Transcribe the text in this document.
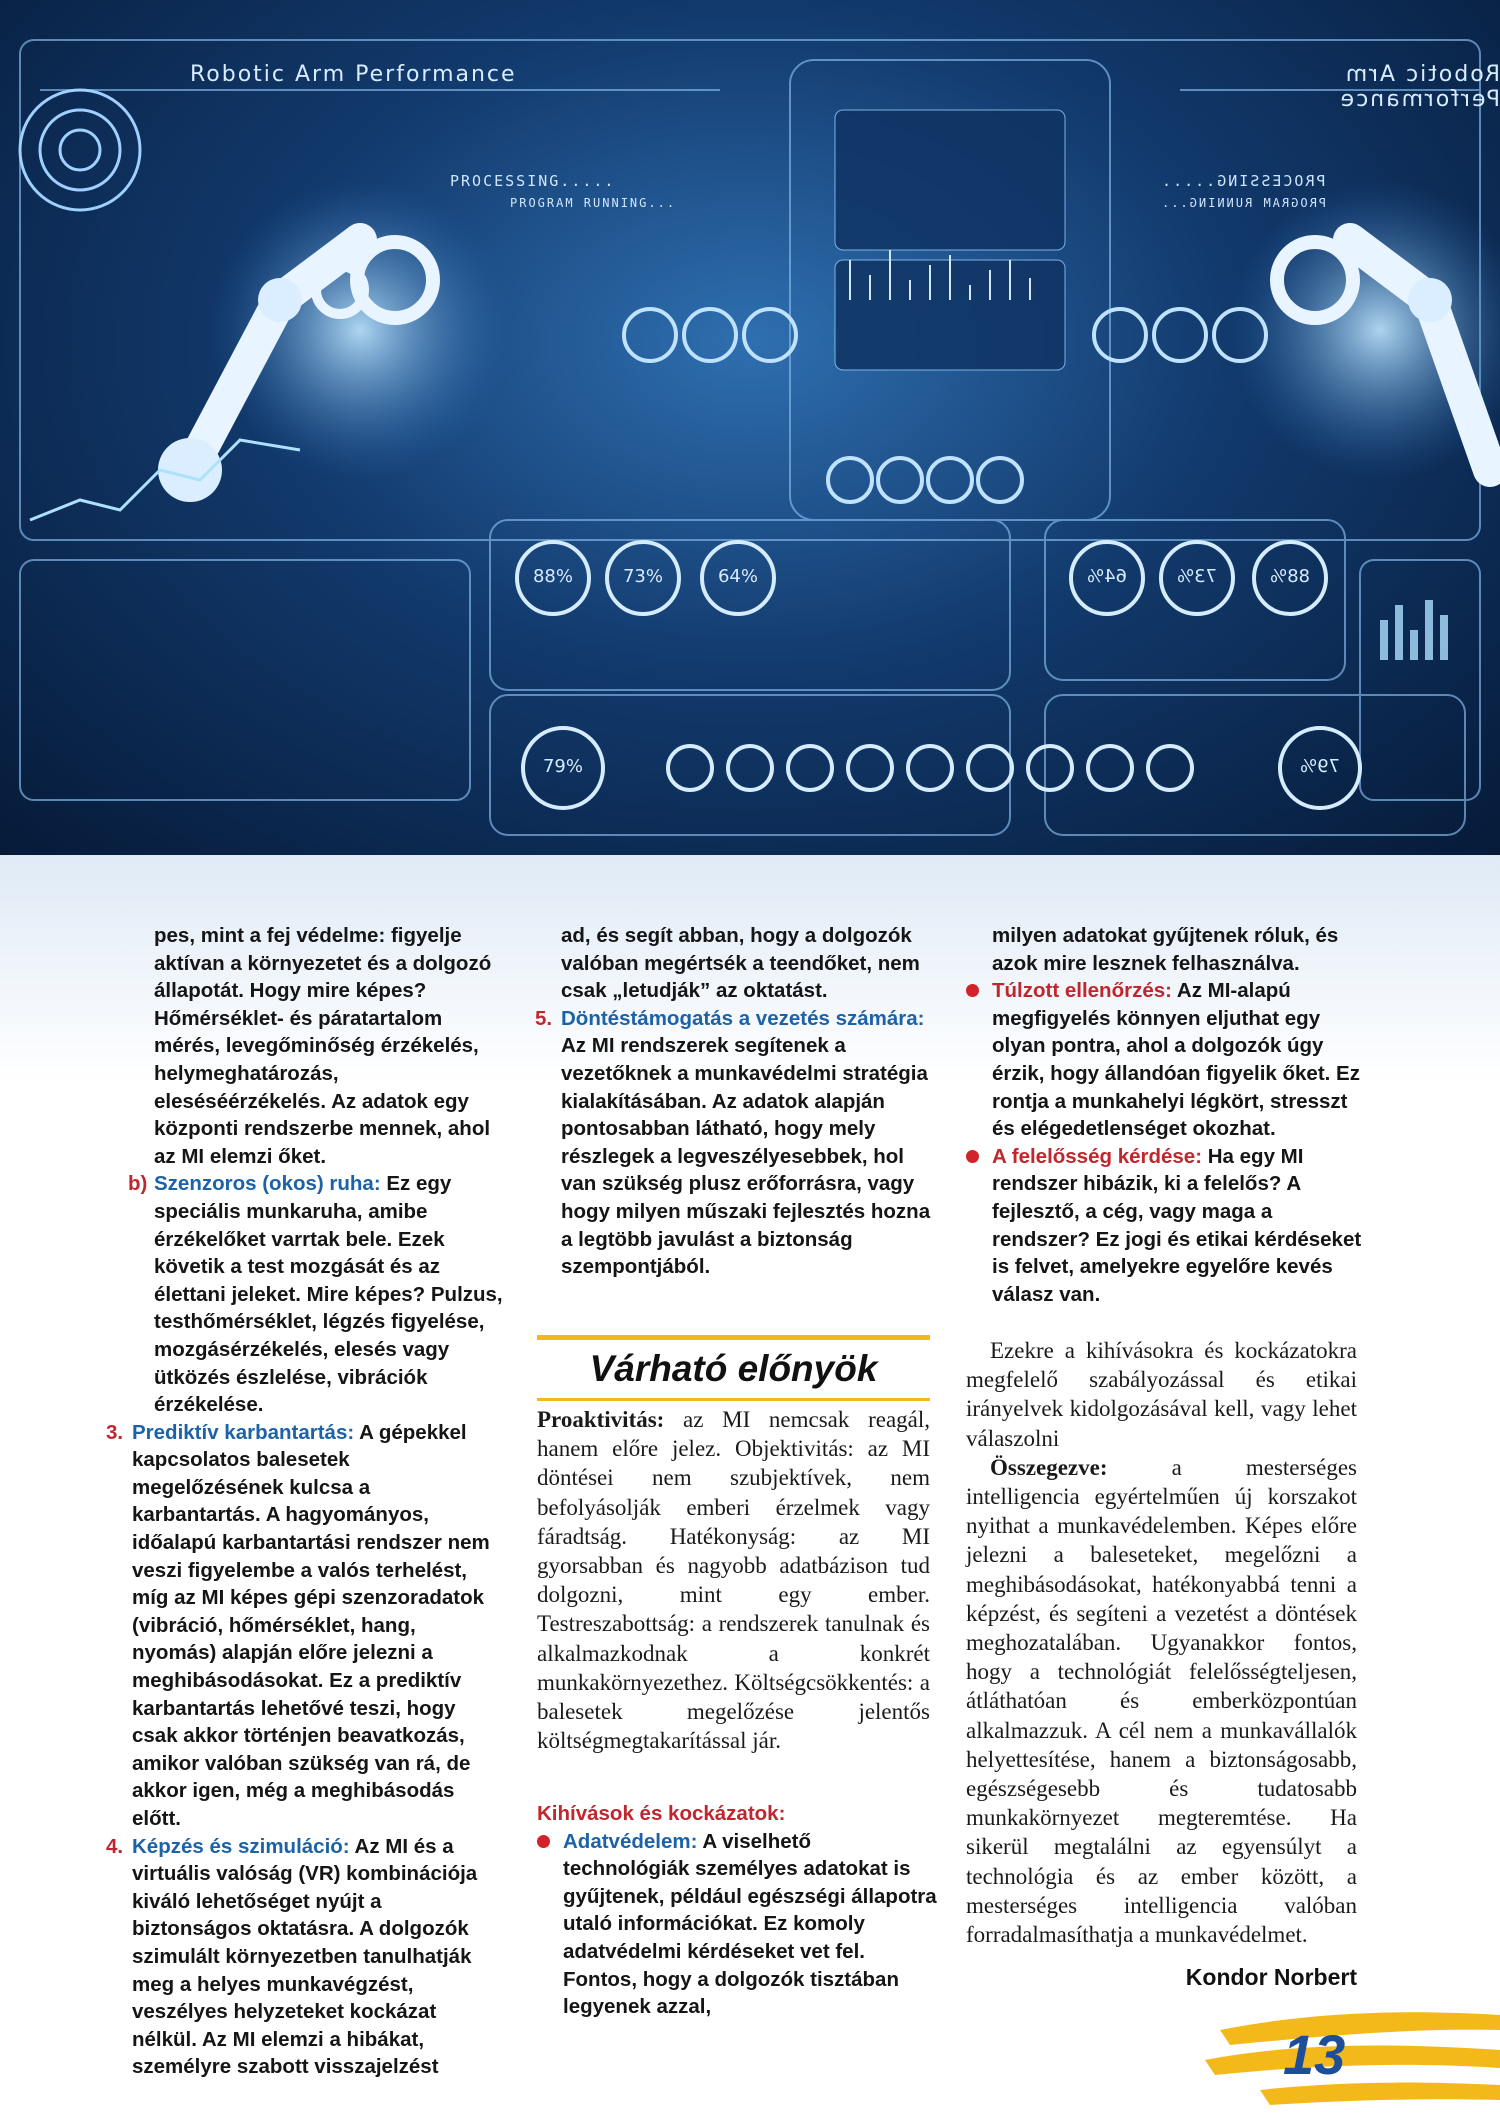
Robotic Arm Performance	Robotic Arm Performance
PROCESSING.....
PROGRAM RUNNING...
PROCESSING.....
PROGRAM RUNNING...
88%	73%	64%	64%	73%	88%
79%	79%

pes, mint a fej védelme: figyelje aktívan a környezetet és a dolgozó állapotát. Hogy mire képes? Hőmérséklet- és páratartalom mérés, levegőminőség érzékelés, helymeghatározás, eleséséérzékelés. Az adatok egy központi rendszerbe mennek, ahol az MI elemzi őket.

b) Szenzoros (okos) ruha: Ez egy speciális munkaruha, amibe érzékelőket varrtak bele. Ezek követik a test mozgását és az élettani jeleket. Mire képes? Pulzus, testhőmérséklet, légzés figyelése, mozgásérzékelés, elesés vagy ütközés észlelése, vibrációk érzékelése.
3. Prediktív karbantartás: A gépekkel kapcsolatos balesetek megelőzésének kulcsa a karbantartás. A hagyományos, időalapú karbantartási rendszer nem veszi figyelembe a valós terhelést, míg az MI képes gépi szenzoradatok (vibráció, hőmérséklet, hang, nyomás) alapján előre jelezni a meghibásodásokat. Ez a prediktív karbantartás lehetővé teszi, hogy csak akkor történjen beavatkozás, amikor valóban szükség van rá, de akkor igen, még a meghibásodás előtt.
4. Képzés és szimuláció: Az MI és a virtuális valóság (VR) kombinációja kiváló lehetőséget nyújt a biztonságos oktatásra. A dolgozók szimulált környezetben tanulhatják meg a helyes munkavégzést, veszélyes helyzeteket kockázat nélkül. Az MI elemzi a hibákat, személyre szabott visszajelzést

ad, és segít abban, hogy a dolgozók valóban megértsék a teendőket, nem csak „letudják” az oktatást.

5. Döntéstámogatás a vezetés számára: Az MI rendszerek segítenek a vezetőknek a munkavédelmi stratégia kialakításában. Az adatok alapján pontosabban látható, hogy mely részlegek a legveszélyesebbek, hol van szükség plusz erőforrásra, vagy hogy milyen műszaki fejlesztés hozna a legtöbb javulást a biztonság szempontjából.
Várható előnyök

Proaktivitás: az MI nemcsak reagál, hanem előre jelez. Objektivitás: az MI döntései nem szubjektívek, nem befolyásolják emberi érzelmek vagy fáradtság. Hatékonyság: az MI gyorsabban és nagyobb adatbázison tud dolgozni, mint egy ember. Testreszabottság: a rendszerek tanulnak és alkalmazkodnak a konkrét munkakörnyezethez. Költségcsökkentés: a balesetek megelőzése jelentős költségmegtakarítással jár.

Kihívások és kockázatok:

Adatvédelem: A viselhető technológiák személyes adatokat is gyűjtenek, például egészségi állapotra utaló információkat. Ez komoly adatvédelmi kérdéseket vet fel. Fontos, hogy a dolgozók tisztában legyenek azzal,

milyen adatokat gyűjtenek róluk, és azok mire lesznek felhasználva.

Túlzott ellenőrzés: Az MI-alapú megfigyelés könnyen eljuthat egy olyan pontra, ahol a dolgozók úgy érzik, hogy állandóan figyelik őket. Ez rontja a munkahelyi légkört, stresszt és elégedetlenséget okozhat.
A felelősség kérdése: Ha egy MI rendszer hibázik, ki a felelős? A fejlesztő, a cég, vagy maga a rendszer? Ez jogi és etikai kérdéseket is felvet, amelyekre egyelőre kevés válasz van.

Ezekre a kihívásokra és kockázatokra megfelelő szabályozással és etikai irányelvek kidolgozásával kell, vagy lehet válaszolni

Összegezve: a mesterséges intelligencia egyértelműen új korszakot nyithat a munkavédelemben. Képes előre jelezni a baleseteket, megelőzni a meghibásodásokat, hatékonyabbá tenni a képzést, és segíteni a vezetést a döntések meghozatalában. Ugyanakkor fontos, hogy a technológiát felelősségteljesen, átláthatóan és emberközpontúan alkalmazzuk. A cél nem a munkavállalók helyettesítése, hanem a biztonságosabb, egészségesebb és tudatosabb munkakörnyezet megteremtése. Ha sikerül megtalálni az egyensúlyt a technológia és az ember között, a mesterséges intelligencia valóban forradalmasíthatja a munkavédelmet.

Kondor Norbert
13
